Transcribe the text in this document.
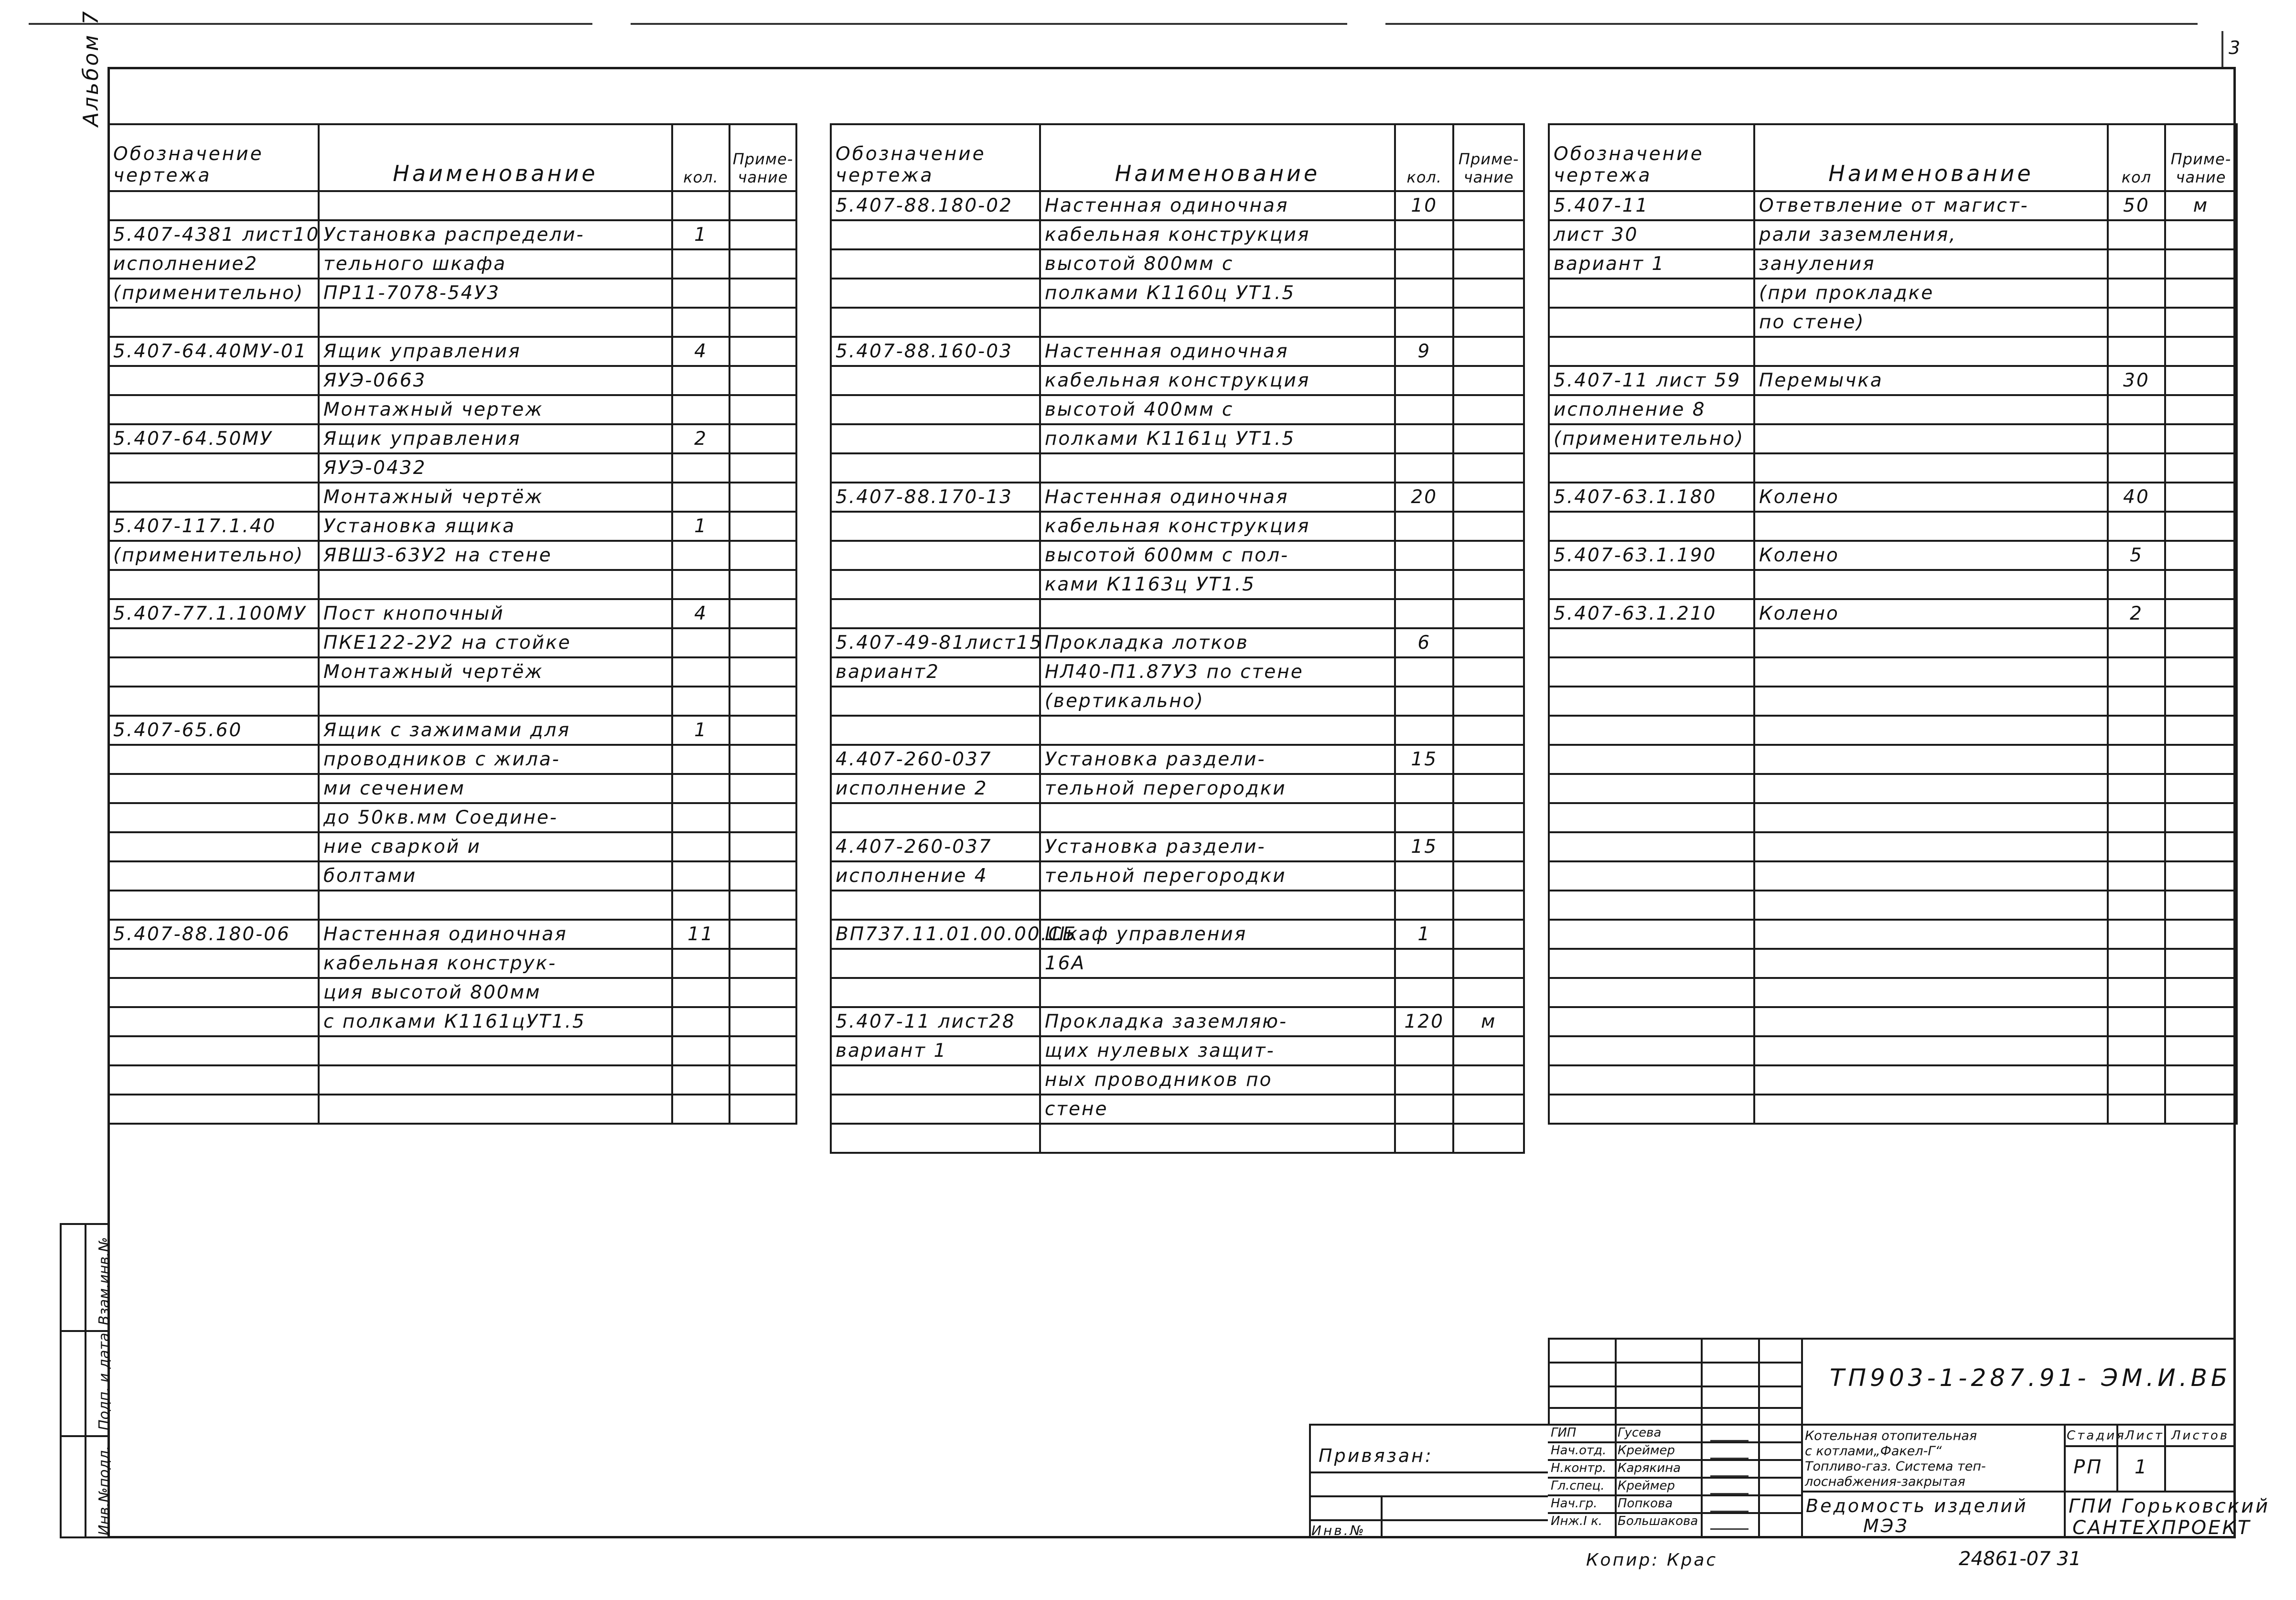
3
Альбом 7
Обозначение
чертежа	Наименование	кол.	Приме-чание

5.407-4381 лист10	Установка распредели-	1	
исполнение2	тельного шкафа		
(применительно)	ПР11-7078-54У3		

5.407-64.40МУ-01	Ящик управления	4	
	ЯУЭ-0663		
	Монтажный чертеж		
5.407-64.50МУ	Ящик управления	2	
	ЯУЭ-0432		
	Монтажный чертёж		
5.407-117.1.40	Установка ящика	1	
(применительно)	ЯВШЗ-63У2 на стене		

5.407-77.1.100МУ	Пост кнопочный	4	
	ПКЕ122-2У2 на стойке		
	Монтажный чертёж		

5.407-65.60	Ящик с зажимами для	1	
	проводников с жила-		
	ми сечением		
	до 50кв.мм Соедине-		
	ние сваркой и		
	болтами		

5.407-88.180-06	Настенная одиночная	11	
	кабельная конструк-		
	ция высотой 800мм		
	с полками К1161цУТ1.5		

Обозначение
чертежа	Наименование	кол.	Приме-чание
5.407-88.180-02	Настенная одиночная	10	
	кабельная конструкция		
	высотой 800мм с		
	полками К1160ц УТ1.5		

5.407-88.160-03	Настенная одиночная	9	
	кабельная конструкция		
	высотой 400мм с		
	полками К1161ц УТ1.5		

5.407-88.170-13	Настенная одиночная	20	
	кабельная конструкция		
	высотой 600мм с пол-		
	ками К1163ц УТ1.5		

5.407-49-81лист15	Прокладка лотков	6	
вариант2	НЛ40-П1.87У3 по стене		
	(вертикально)		

4.407-260-037	Установка раздели-	15	
исполнение 2	тельной перегородки		

4.407-260-037	Установка раздели-	15	
исполнение 4	тельной перегородки		

ВП737.11.01.00.00.СБ	Шкаф управления	1	
	16А		

5.407-11 лист28	Прокладка заземляю-	120	м
вариант 1	щих нулевых защит-		
	ных проводников по		
	стене		

Обозначение
чертежа	Наименование	кол	Приме-чание
5.407-11	Ответвление от магист-	50	м
лист 30	рали заземления,		
вариант 1	зануления		
	(при прокладке		
	по стене)		

5.407-11 лист 59	Перемычка	30	
исполнение 8			
(применительно)			

5.407-63.1.180	Колено	40	

5.407-63.1.190	Колено	5	

5.407-63.1.210	Колено	2	

Взам.инв.№
Подп. и дата
Инв.№подл.
ТП903-1-287.91- ЭМ.И.ВБ
ГИП	Гусева
Нач.отд. Креймер
Н.контр. Карякина
Гл.спец. Креймер
Нач.гр. Попкова
Инж.I к. Большакова
Привязан:
Инв.№
Котельная отопительная
с котлами„Факел-Г“
Топливо-газ. Система теп-
лоснабжения-закрытая
Ведомость изделий
МЭЗ
Стадия
Лист Листов
РП 1
ГПИ Горьковский
САНТЕХПРОЕКТ
Копир: Крас	24861-07 31
